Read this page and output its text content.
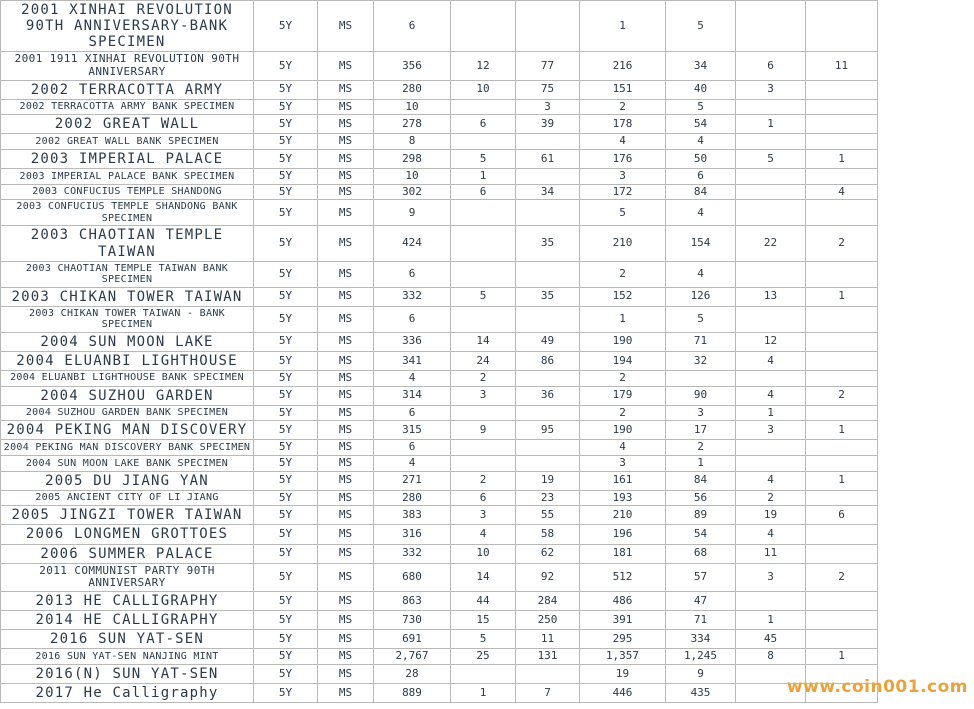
2001 XINHAI REVOLUTION 90TH ANNIVERSARY-BANK SPECIMEN	5Y	MS	6			1	5		
2001 1911 XINHAI REVOLUTION 90TH ANNIVERSARY	5Y	MS	356	12	77	216	34	6	11
2002 TERRACOTTA ARMY	5Y	MS	280	10	75	151	40	3	
2002 TERRACOTTA ARMY BANK SPECIMEN	5Y	MS	10		3	2	5		
2002 GREAT WALL	5Y	MS	278	6	39	178	54	1	
2002 GREAT WALL BANK SPECIMEN	5Y	MS	8			4	4		
2003 IMPERIAL PALACE	5Y	MS	298	5	61	176	50	5	1
2003 IMPERIAL PALACE BANK SPECIMEN	5Y	MS	10	1		3	6		
2003 CONFUCIUS TEMPLE SHANDONG	5Y	MS	302	6	34	172	84		4
2003 CONFUCIUS TEMPLE SHANDONG BANK SPECIMEN	5Y	MS	9			5	4		
2003 CHAOTIAN TEMPLE TAIWAN	5Y	MS	424		35	210	154	22	2
2003 CHAOTIAN TEMPLE TAIWAN BANK SPECIMEN	5Y	MS	6			2	4		
2003 CHIKAN TOWER TAIWAN	5Y	MS	332	5	35	152	126	13	1
2003 CHIKAN TOWER TAIWAN - BANK SPECIMEN	5Y	MS	6			1	5		
2004 SUN MOON LAKE	5Y	MS	336	14	49	190	71	12	
2004 ELUANBI LIGHTHOUSE	5Y	MS	341	24	86	194	32	4	
2004 ELUANBI LIGHTHOUSE BANK SPECIMEN	5Y	MS	4	2		2			
2004 SUZHOU GARDEN	5Y	MS	314	3	36	179	90	4	2
2004 SUZHOU GARDEN BANK SPECIMEN	5Y	MS	6			2	3	1	
2004 PEKING MAN DISCOVERY	5Y	MS	315	9	95	190	17	3	1
2004 PEKING MAN DISCOVERY BANK SPECIMEN	5Y	MS	6			4	2		
2004 SUN MOON LAKE BANK SPECIMEN	5Y	MS	4			3	1		
2005 DU JIANG YAN	5Y	MS	271	2	19	161	84	4	1
2005 ANCIENT CITY OF LI JIANG	5Y	MS	280	6	23	193	56	2	
2005 JINGZI TOWER TAIWAN	5Y	MS	383	3	55	210	89	19	6
2006 LONGMEN GROTTOES	5Y	MS	316	4	58	196	54	4	
2006 SUMMER PALACE	5Y	MS	332	10	62	181	68	11	
2011 COMMUNIST PARTY 90TH ANNIVERSARY	5Y	MS	680	14	92	512	57	3	2
2013 HE CALLIGRAPHY	5Y	MS	863	44	284	486	47		
2014 HE CALLIGRAPHY	5Y	MS	730	15	250	391	71	1	
2016 SUN YAT-SEN	5Y	MS	691	5	11	295	334	45	
2016 SUN YAT-SEN NANJING MINT	5Y	MS	2,767	25	131	1,357	1,245	8	1
2016(N) SUN YAT-SEN	5Y	MS	28			19	9		
2017 He Calligraphy	5Y	MS	889	1	7	446	435			www.coin001.com
